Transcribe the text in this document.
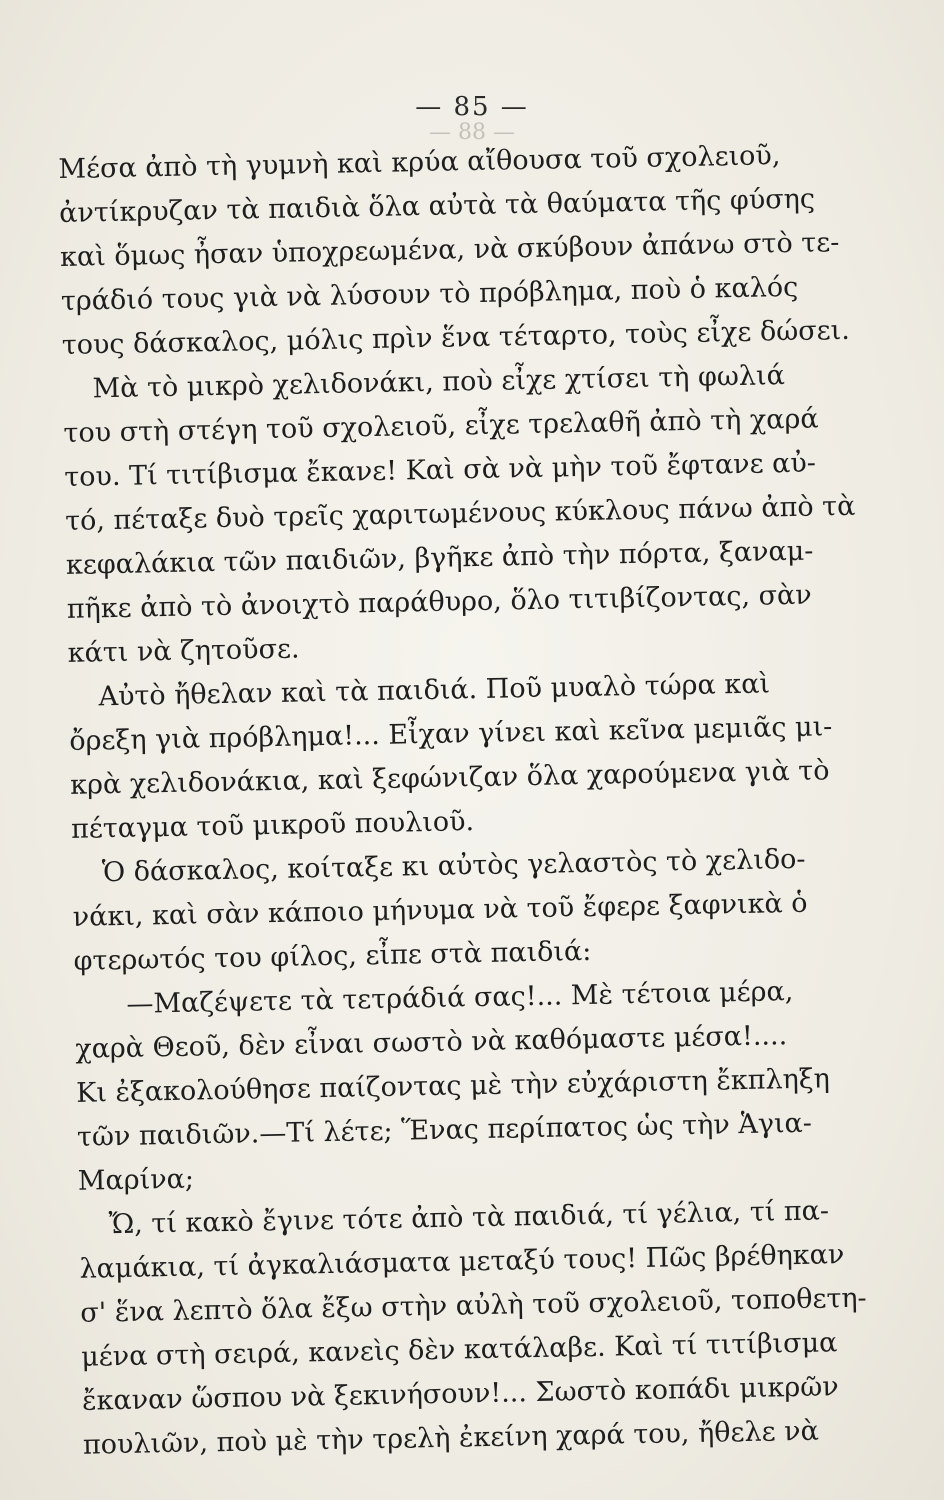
— 88 —
— 85 —
Μέσα ἀπὸ τὴ γυμνὴ καὶ κρύα αἴθουσα τοῦ σχολειοῦ,
ἀντίκρυζαν τὰ παιδιὰ ὅλα αὐτὰ τὰ θαύματα τῆς φύσης
καὶ ὅμως ἦσαν ὑποχρεωμένα, νὰ σκύβουν ἀπάνω στὸ τε-
τράδιό τους γιὰ νὰ λύσουν τὸ πρόβλημα, ποὺ ὁ καλός
τους δάσκαλος, μόλις πρὶν ἕνα τέταρτο, τοὺς εἶχε δώσει.
Μὰ τὸ μικρὸ χελιδονάκι, ποὺ εἶχε χτίσει τὴ φωλιά
του στὴ στέγη τοῦ σχολειοῦ, εἶχε τρελαθῆ ἀπὸ τὴ χαρά
του. Τί τιτίβισμα ἔκανε! Καὶ σὰ νὰ μὴν τοῦ ἔφτανε αὐ-
τό, πέταξε δυὸ τρεῖς χαριτωμένους κύκλους πάνω ἀπὸ τὰ
κεφαλάκια τῶν παιδιῶν, βγῆκε ἀπὸ τὴν πόρτα, ξαναμ-
πῆκε ἀπὸ τὸ ἀνοιχτὸ παράθυρο, ὅλο τιτιβίζοντας, σὰν
κάτι νὰ ζητοῦσε.
Αὐτὸ ἤθελαν καὶ τὰ παιδιά. Ποῦ μυαλὸ τώρα καὶ
ὄρεξη γιὰ πρόβλημα!... Εἶχαν γίνει καὶ κεῖνα μεμιᾶς μι-
κρὰ χελιδονάκια, καὶ ξεφώνιζαν ὅλα χαρούμενα γιὰ τὸ
πέταγμα τοῦ μικροῦ πουλιοῦ.
Ὁ δάσκαλος, κοίταξε κι αὐτὸς γελαστὸς τὸ χελιδο-
νάκι, καὶ σὰν κάποιο μήνυμα νὰ τοῦ ἔφερε ξαφνικὰ ὁ
φτερωτός του φίλος, εἶπε στὰ παιδιά:
—Μαζέψετε τὰ τετράδιά σας!... Μὲ τέτοια μέρα,
χαρὰ Θεοῦ, δὲν εἶναι σωστὸ νὰ καθόμαστε μέσα!....
Κι ἐξακολούθησε παίζοντας μὲ τὴν εὐχάριστη ἔκπληξη
τῶν παιδιῶν.—Τί λέτε; Ἕνας περίπατος ὡς τὴν Ἁγια-
Μαρίνα;
Ὤ, τί κακὸ ἔγινε τότε ἀπὸ τὰ παιδιά, τί γέλια, τί πα-
λαμάκια, τί ἀγκαλιάσματα μεταξύ τους! Πῶς βρέθηκαν
σ' ἕνα λεπτὸ ὅλα ἔξω στὴν αὐλὴ τοῦ σχολειοῦ, τοποθετη-
μένα στὴ σειρά, κανεὶς δὲν κατάλαβε. Καὶ τί τιτίβισμα
ἔκαναν ὥσπου νὰ ξεκινήσουν!... Σωστὸ κοπάδι μικρῶν
πουλιῶν, ποὺ μὲ τὴν τρελὴ ἐκείνη χαρά του, ἤθελε νὰ
